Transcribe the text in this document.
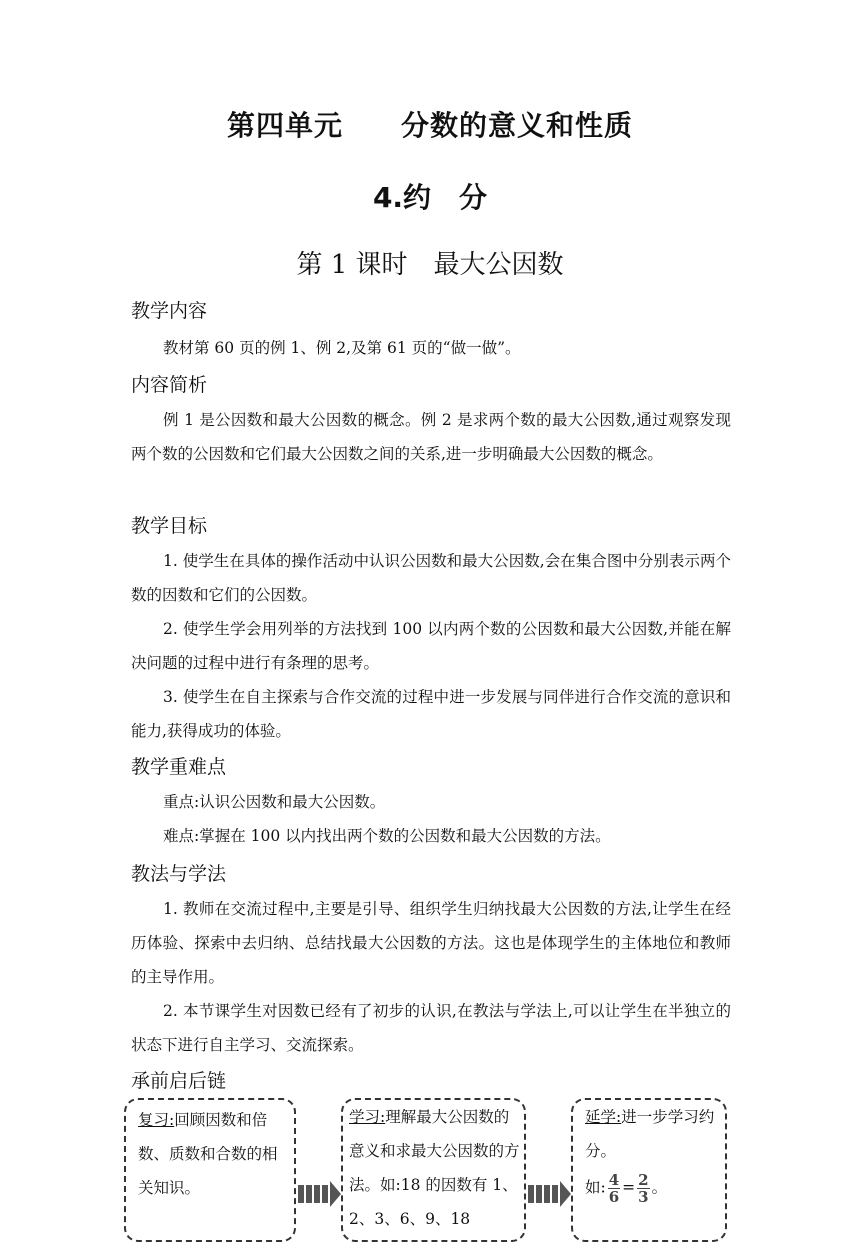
第四单元　　分数的意义和性质
4.约　分
第 1 课时　最大公因数
教学内容
教材第 60 页的例 1、例 2,及第 61 页的“做一做”。
内容简析
例 1 是公因数和最大公因数的概念。例 2 是求两个数的最大公因数,通过观察发现两个数的公因数和它们最大公因数之间的关系,进一步明确最大公因数的概念。
教学目标
1. 使学生在具体的操作活动中认识公因数和最大公因数,会在集合图中分别表示两个数的因数和它们的公因数。
2. 使学生学会用列举的方法找到 100 以内两个数的公因数和最大公因数,并能在解决问题的过程中进行有条理的思考。
3. 使学生在自主探索与合作交流的过程中进一步发展与同伴进行合作交流的意识和能力,获得成功的体验。
教学重难点
重点:认识公因数和最大公因数。
难点:掌握在 100 以内找出两个数的公因数和最大公因数的方法。
教法与学法
1. 教师在交流过程中,主要是引导、组织学生归纳找最大公因数的方法,让学生在经历体验、探索中去归纳、总结找最大公因数的方法。这也是体现学生的主体地位和教师的主导作用。
2. 本节课学生对因数已经有了初步的认识,在教法与学法上,可以让学生在半独立的状态下进行自主学习、交流探索。
承前启后链
复习:回顾因数和倍数、质数和合数的相关知识。
学习:理解最大公因数的意义和求最大公因数的方法。如:18 的因数有 1、2、3、6、9、18
延学:进一步学习约分。
如: $\frac{4}{6} = \frac{2}{3}$ 。
